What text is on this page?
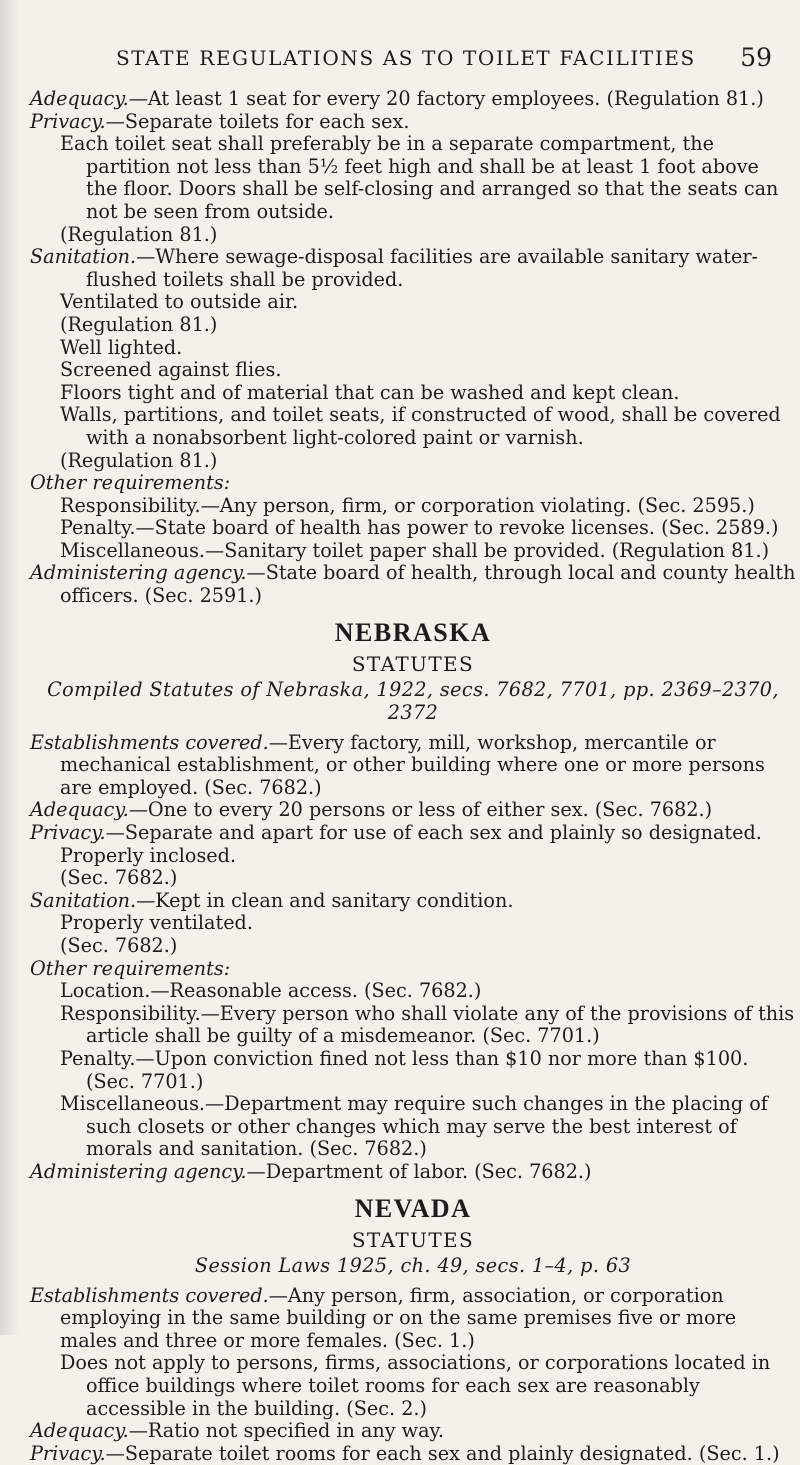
STATE REGULATIONS AS TO TOILET FACILITIES 59

Adequacy.—At least 1 seat for every 20 factory employees. (Regulation 81.)

Privacy.—Separate toilets for each sex.

Each toilet seat shall preferably be in a separate compartment, the partition not less than 5½ feet high and shall be at least 1 foot above the floor. Doors shall be self-closing and arranged so that the seats can not be seen from outside.

(Regulation 81.)

Sanitation.—Where sewage-disposal facilities are available sanitary water-flushed toilets shall be provided.

Ventilated to outside air.

(Regulation 81.)

Well lighted.

Screened against flies.

Floors tight and of material that can be washed and kept clean.

Walls, partitions, and toilet seats, if constructed of wood, shall be covered with a nonabsorbent light-colored paint or varnish.

(Regulation 81.)

Other requirements:

Responsibility.—Any person, firm, or corporation violating. (Sec. 2595.)

Penalty.—State board of health has power to revoke licenses. (Sec. 2589.)

Miscellaneous.—Sanitary toilet paper shall be provided. (Regulation 81.)

Administering agency.—State board of health, through local and county health officers. (Sec. 2591.)

NEBRASKA
STATUTES
Compiled Statutes of Nebraska, 1922, secs. 7682, 7701, pp. 2369–2370, 2372

Establishments covered.—Every factory, mill, workshop, mercantile or mechanical establishment, or other building where one or more persons are employed. (Sec. 7682.)

Adequacy.—One to every 20 persons or less of either sex. (Sec. 7682.)

Privacy.—Separate and apart for use of each sex and plainly so designated.

Properly inclosed.

(Sec. 7682.)

Sanitation.—Kept in clean and sanitary condition.

Properly ventilated.

(Sec. 7682.)

Other requirements:

Location.—Reasonable access. (Sec. 7682.)

Responsibility.—Every person who shall violate any of the provisions of this article shall be guilty of a misdemeanor. (Sec. 7701.)

Penalty.—Upon conviction fined not less than $10 nor more than $100.

(Sec. 7701.)

Miscellaneous.—Department may require such changes in the placing of such closets or other changes which may serve the best interest of morals and sanitation. (Sec. 7682.)

Administering agency.—Department of labor. (Sec. 7682.)

NEVADA
STATUTES
Session Laws 1925, ch. 49, secs. 1–4, p. 63

Establishments covered.—Any person, firm, association, or corporation employing in the same building or on the same premises five or more males and three or more females. (Sec. 1.)

Does not apply to persons, firms, associations, or corporations located in office buildings where toilet rooms for each sex are reasonably accessible in the building. (Sec. 2.)

Adequacy.—Ratio not specified in any way.

Privacy.—Separate toilet rooms for each sex and plainly designated. (Sec. 1.)
